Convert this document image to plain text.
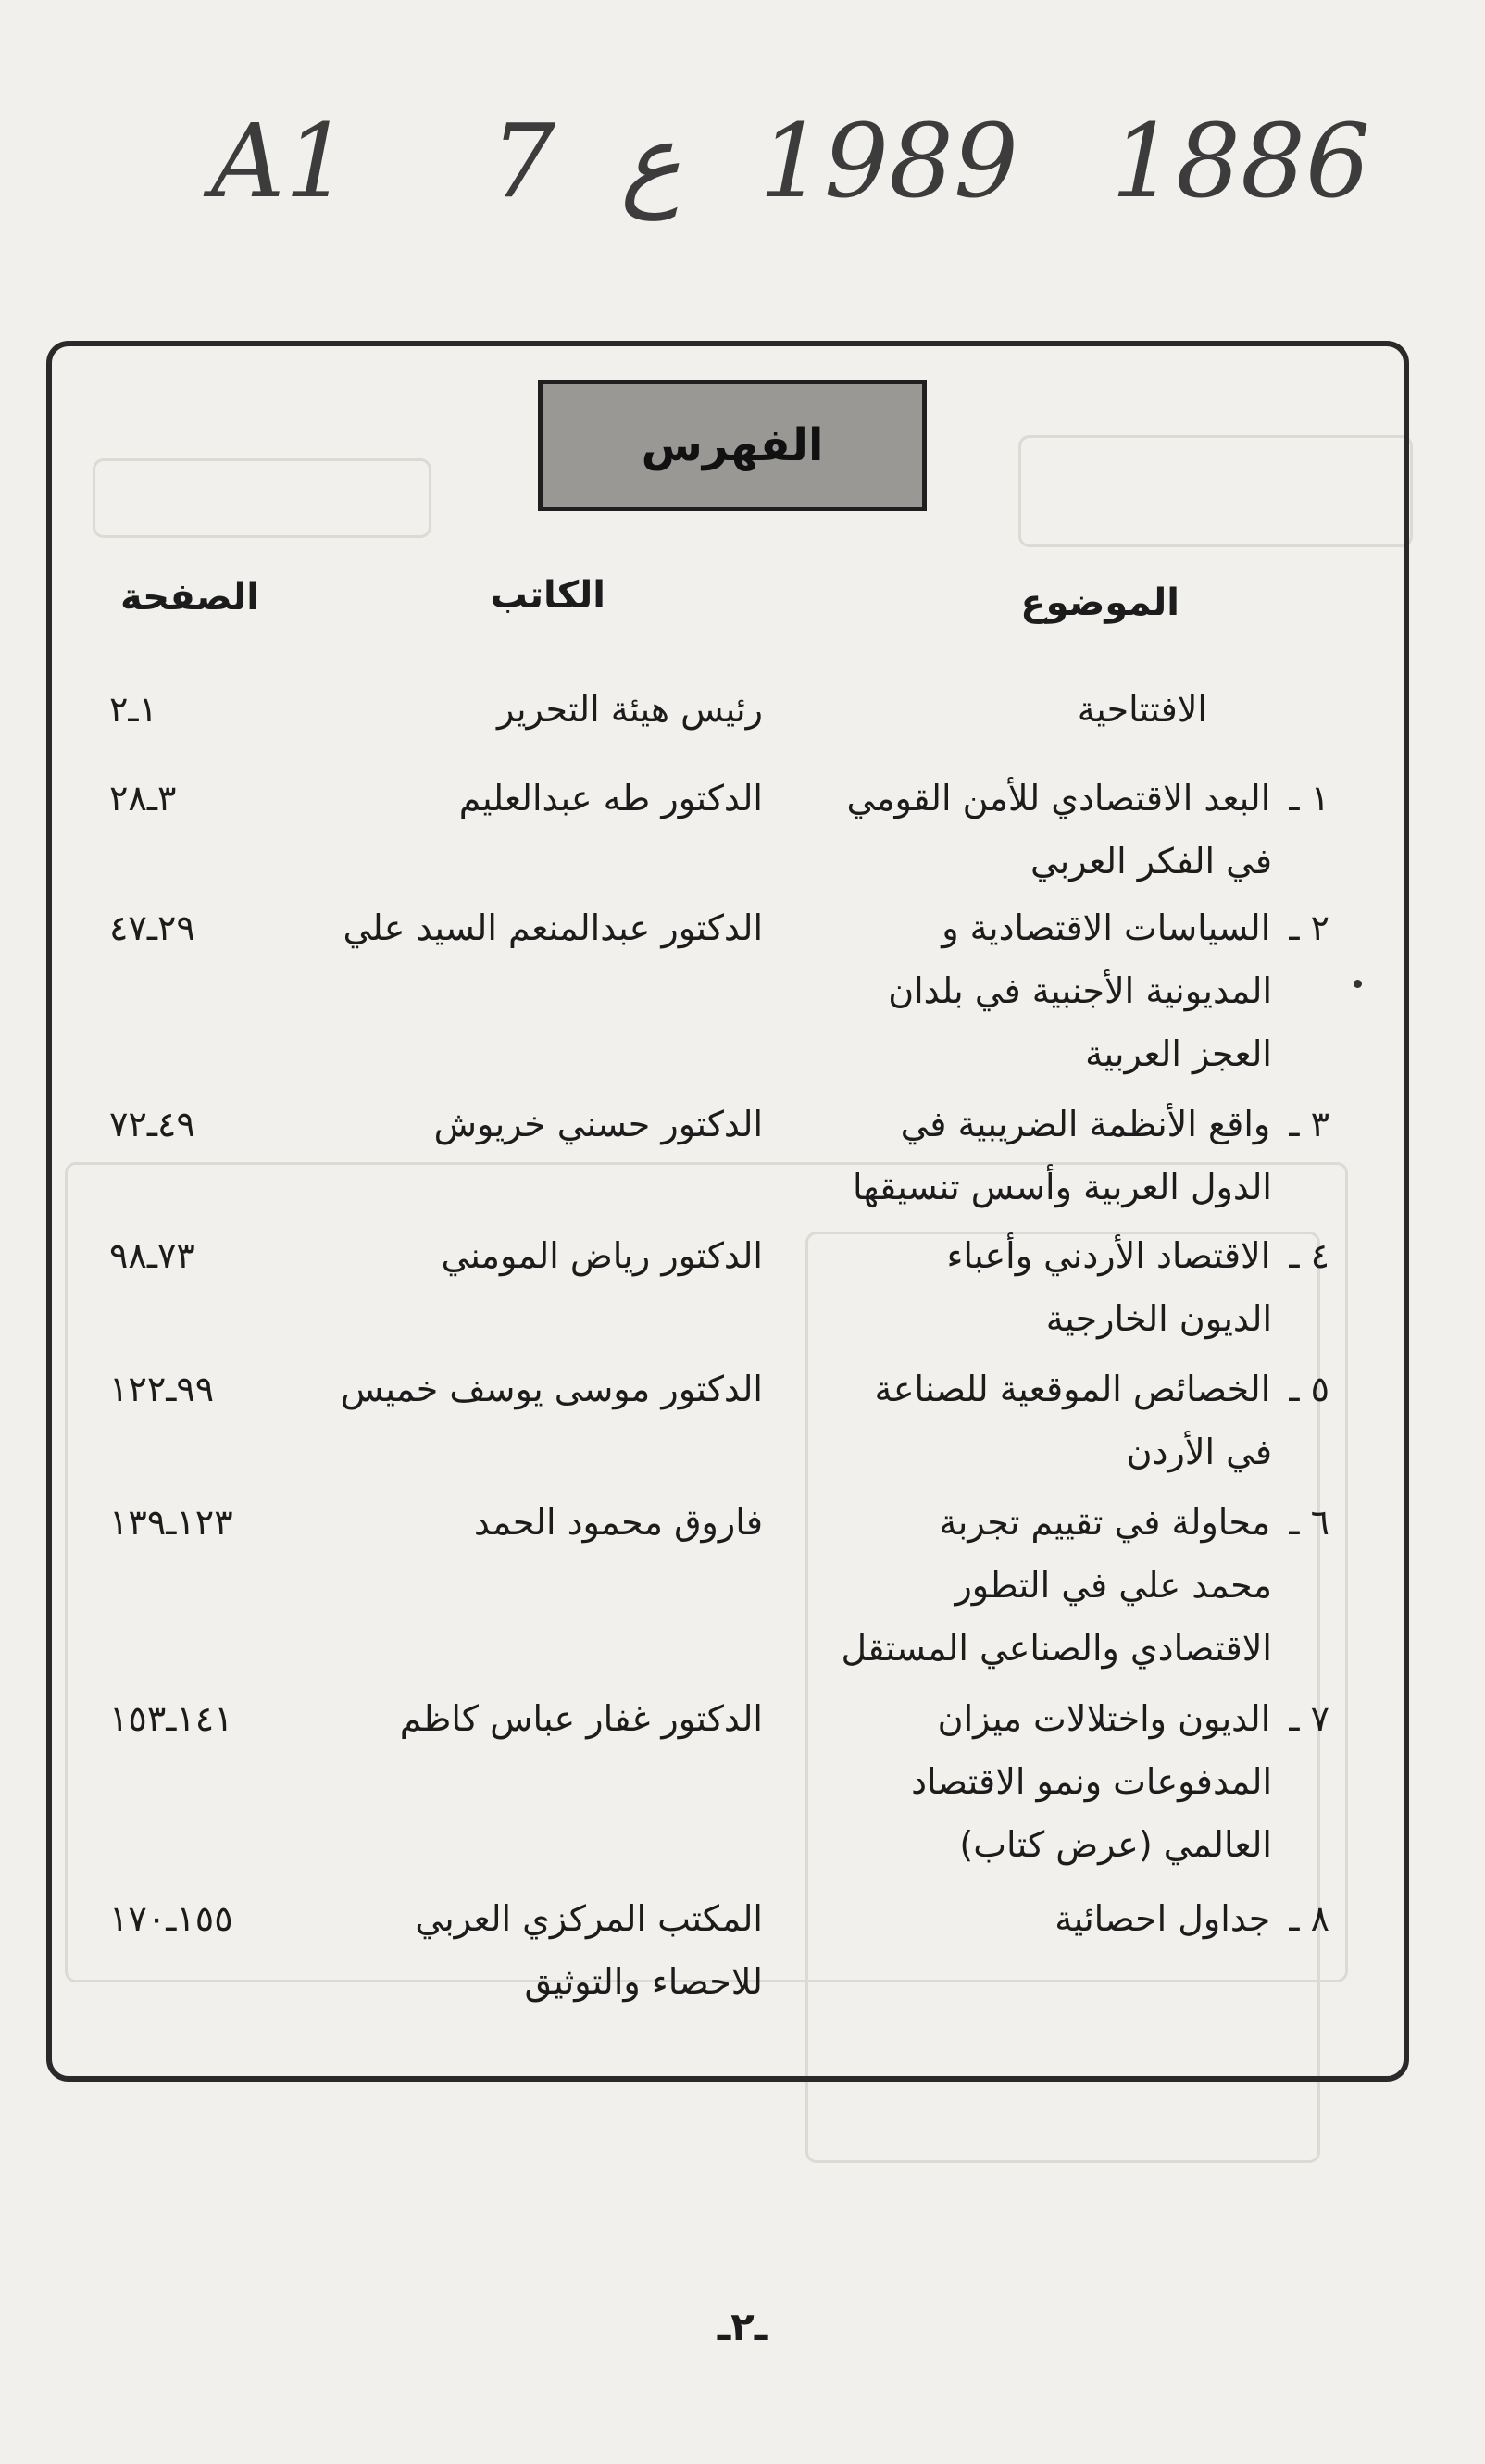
A1 7 ع 1989 1886
الفهرس
الموضوع
الكاتب
الصفحة
الافتتاحية
رئيس هيئة التحرير
١ـ٢
١ ـ البعد الاقتصادي للأمن القومي
في الفكر العربي
الدكتور طه عبدالعليم
٣ـ٢٨
٢ ـ السياسات الاقتصادية و
المديونية الأجنبية في بلدان
العجز العربية
الدكتور عبدالمنعم السيد علي
٢٩ـ٤٧
٣ ـ واقع الأنظمة الضريبية في
الدول العربية وأسس تنسيقها
الدكتور حسني خريوش
٤٩ـ٧٢
٤ ـ الاقتصاد الأردني وأعباء
الديون الخارجية
الدكتور رياض المومني
٧٣ـ٩٨
٥ ـ الخصائص الموقعية للصناعة
في الأردن
الدكتور موسى يوسف خميس
٩٩ـ١٢٢
٦ ـ محاولة في تقييم تجربة
محمد علي في التطور
الاقتصادي والصناعي المستقل
فاروق محمود الحمد
١٢٣ـ١٣٩
٧ ـ الديون واختلالات ميزان
المدفوعات ونمو الاقتصاد
العالمي (عرض كتاب)
الدكتور غفار عباس كاظم
١٤١ـ١٥٣
٨ ـ جداول احصائية
المكتب المركزي العربي
للاحصاء والتوثيق
١٥٥ـ١٧٠
ـ٢ـ
